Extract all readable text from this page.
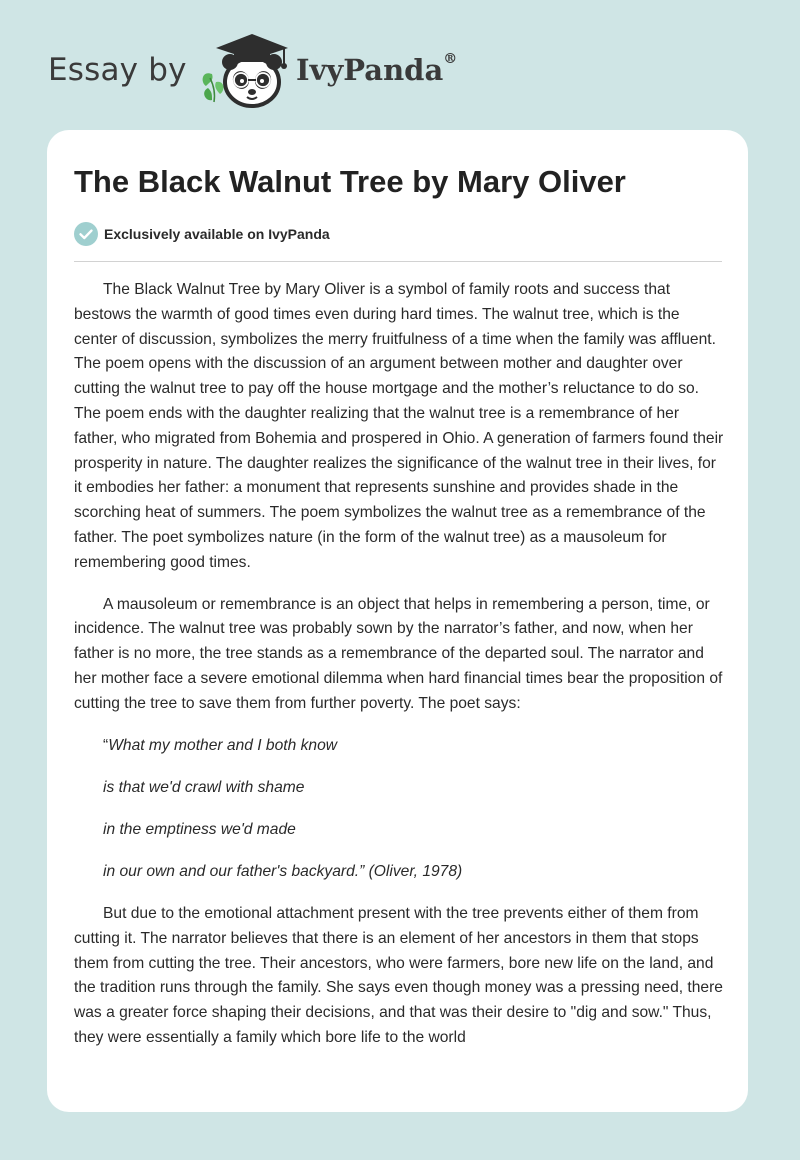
Essay by	IvyPanda®
The Black Walnut Tree by Mary Oliver
Exclusively available on IvyPanda

The Black Walnut Tree by Mary Oliver is a symbol of family roots and success that bestows the warmth of good times even during hard times. The walnut tree, which is the center of discussion, symbolizes the merry fruitfulness of a time when the family was affluent. The poem opens with the discussion of an argument between mother and daughter over cutting the walnut tree to pay off the house mortgage and the mother’s reluctance to do so. The poem ends with the daughter realizing that the walnut tree is a remembrance of her father, who migrated from Bohemia and prospered in Ohio. A generation of farmers found their prosperity in nature. The daughter realizes the significance of the walnut tree in their lives, for it embodies her father: a monument that represents sunshine and provides shade in the scorching heat of summers. The poem symbolizes the walnut tree as a remembrance of the father. The poet symbolizes nature (in the form of the walnut tree) as a mausoleum for remembering good times.

A mausoleum or remembrance is an object that helps in remembering a person, time, or incidence. The walnut tree was probably sown by the narrator’s father, and now, when her father is no more, the tree stands as a remembrance of the departed soul. The narrator and her mother face a severe emotional dilemma when hard financial times bear the proposition of cutting the tree to save them from further poverty. The poet says:

“What my mother and I both know

is that we'd crawl with shame

in the emptiness we'd made

in our own and our father's backyard.” (Oliver, 1978)

But due to the emotional attachment present with the tree prevents either of them from cutting it. The narrator believes that there is an element of her ancestors in them that stops them from cutting the tree. Their ancestors, who were farmers, bore new life on the land, and the tradition runs through the family. She says even though money was a pressing need, there was a greater force shaping their decisions, and that was their desire to "dig and sow." Thus, they were essentially a family which bore life to the world
